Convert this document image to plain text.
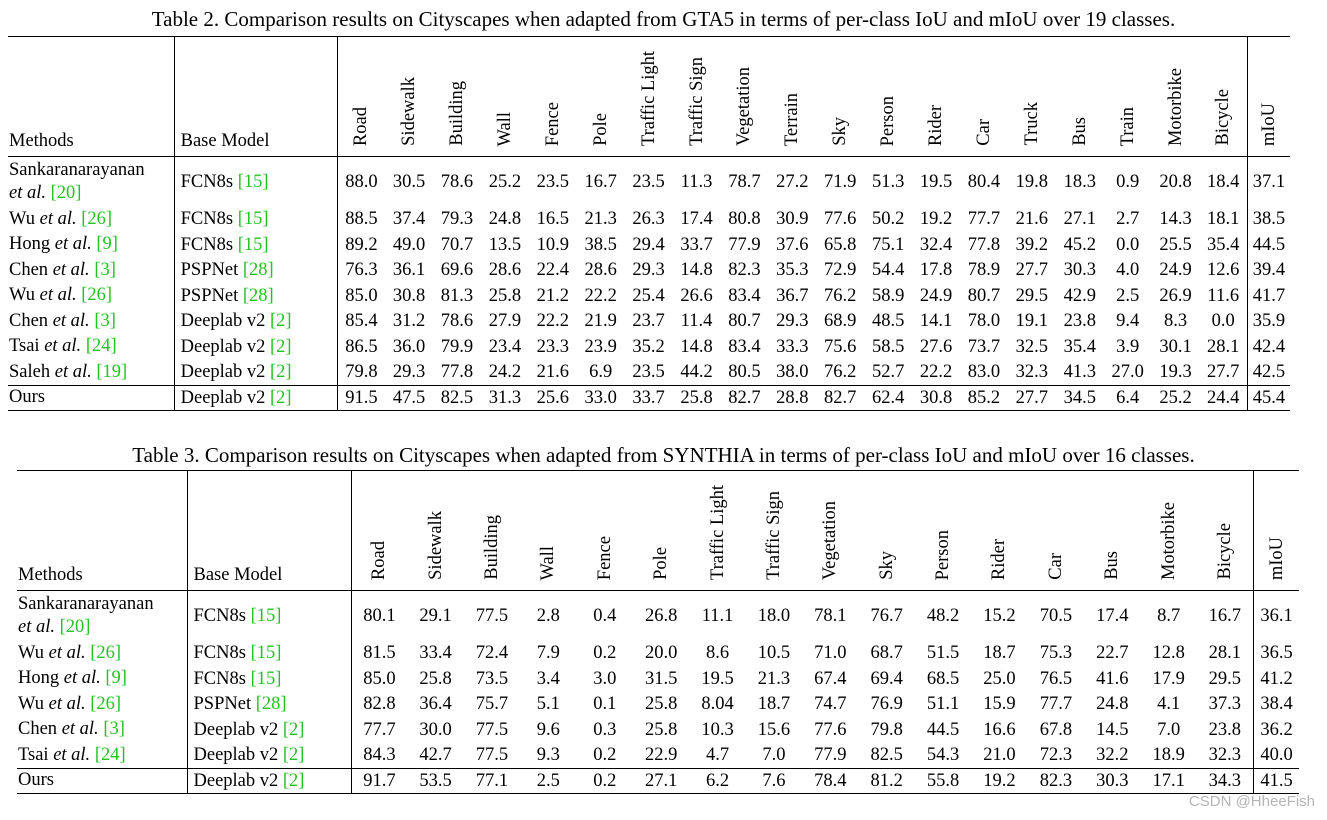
Table 2. Comparison results on Cityscapes when adapted from GTA5 in terms of per-class IoU and mIoU over 19 classes.
Methods	Base Model	Road	Sidewalk	Building	Wall	Fence	Pole	Traffic Light	Traffic Sign	Vegetation	Terrain	Sky	Person	Rider	Car	Truck	Bus	Train	Motorbike	Bicycle	mIoU
Sankaranarayanan
et al. [20]	FCN8s [15]	88.0	30.5	78.6	25.2	23.5	16.7	23.5	11.3	78.7	27.2	71.9	51.3	19.5	80.4	19.8	18.3	0.9	20.8	18.4	37.1
Wu et al. [26]	FCN8s [15]	88.5	37.4	79.3	24.8	16.5	21.3	26.3	17.4	80.8	30.9	77.6	50.2	19.2	77.7	21.6	27.1	2.7	14.3	18.1	38.5
Hong et al. [9]	FCN8s [15]	89.2	49.0	70.7	13.5	10.9	38.5	29.4	33.7	77.9	37.6	65.8	75.1	32.4	77.8	39.2	45.2	0.0	25.5	35.4	44.5
Chen et al. [3]	PSPNet [28]	76.3	36.1	69.6	28.6	22.4	28.6	29.3	14.8	82.3	35.3	72.9	54.4	17.8	78.9	27.7	30.3	4.0	24.9	12.6	39.4
Wu et al. [26]	PSPNet [28]	85.0	30.8	81.3	25.8	21.2	22.2	25.4	26.6	83.4	36.7	76.2	58.9	24.9	80.7	29.5	42.9	2.5	26.9	11.6	41.7
Chen et al. [3]	Deeplab v2 [2]	85.4	31.2	78.6	27.9	22.2	21.9	23.7	11.4	80.7	29.3	68.9	48.5	14.1	78.0	19.1	23.8	9.4	8.3	0.0	35.9
Tsai et al. [24]	Deeplab v2 [2]	86.5	36.0	79.9	23.4	23.3	23.9	35.2	14.8	83.4	33.3	75.6	58.5	27.6	73.7	32.5	35.4	3.9	30.1	28.1	42.4
Saleh et al. [19]	Deeplab v2 [2]	79.8	29.3	77.8	24.2	21.6	6.9	23.5	44.2	80.5	38.0	76.2	52.7	22.2	83.0	32.3	41.3	27.0	19.3	27.7	42.5
Ours	Deeplab v2 [2]	91.5	47.5	82.5	31.3	25.6	33.0	33.7	25.8	82.7	28.8	82.7	62.4	30.8	85.2	27.7	34.5	6.4	25.2	24.4	45.4
Table 3. Comparison results on Cityscapes when adapted from SYNTHIA in terms of per-class IoU and mIoU over 16 classes.
Methods	Base Model	Road	Sidewalk	Building	Wall	Fence	Pole	Traffic Light	Traffic Sign	Vegetation	Sky	Person	Rider	Car	Bus	Motorbike	Bicycle	mIoU
Sankaranarayanan
et al. [20]	FCN8s [15]	80.1	29.1	77.5	2.8	0.4	26.8	11.1	18.0	78.1	76.7	48.2	15.2	70.5	17.4	8.7	16.7	36.1
Wu et al. [26]	FCN8s [15]	81.5	33.4	72.4	7.9	0.2	20.0	8.6	10.5	71.0	68.7	51.5	18.7	75.3	22.7	12.8	28.1	36.5
Hong et al. [9]	FCN8s [15]	85.0	25.8	73.5	3.4	3.0	31.5	19.5	21.3	67.4	69.4	68.5	25.0	76.5	41.6	17.9	29.5	41.2
Wu et al. [26]	PSPNet [28]	82.8	36.4	75.7	5.1	0.1	25.8	8.04	18.7	74.7	76.9	51.1	15.9	77.7	24.8	4.1	37.3	38.4
Chen et al. [3]	Deeplab v2 [2]	77.7	30.0	77.5	9.6	0.3	25.8	10.3	15.6	77.6	79.8	44.5	16.6	67.8	14.5	7.0	23.8	36.2
Tsai et al. [24]	Deeplab v2 [2]	84.3	42.7	77.5	9.3	0.2	22.9	4.7	7.0	77.9	82.5	54.3	21.0	72.3	32.2	18.9	32.3	40.0
Ours	Deeplab v2 [2]	91.7	53.5	77.1	2.5	0.2	27.1	6.2	7.6	78.4	81.2	55.8	19.2	82.3	30.3	17.1	34.3	41.5
CSDN @HheeFish
